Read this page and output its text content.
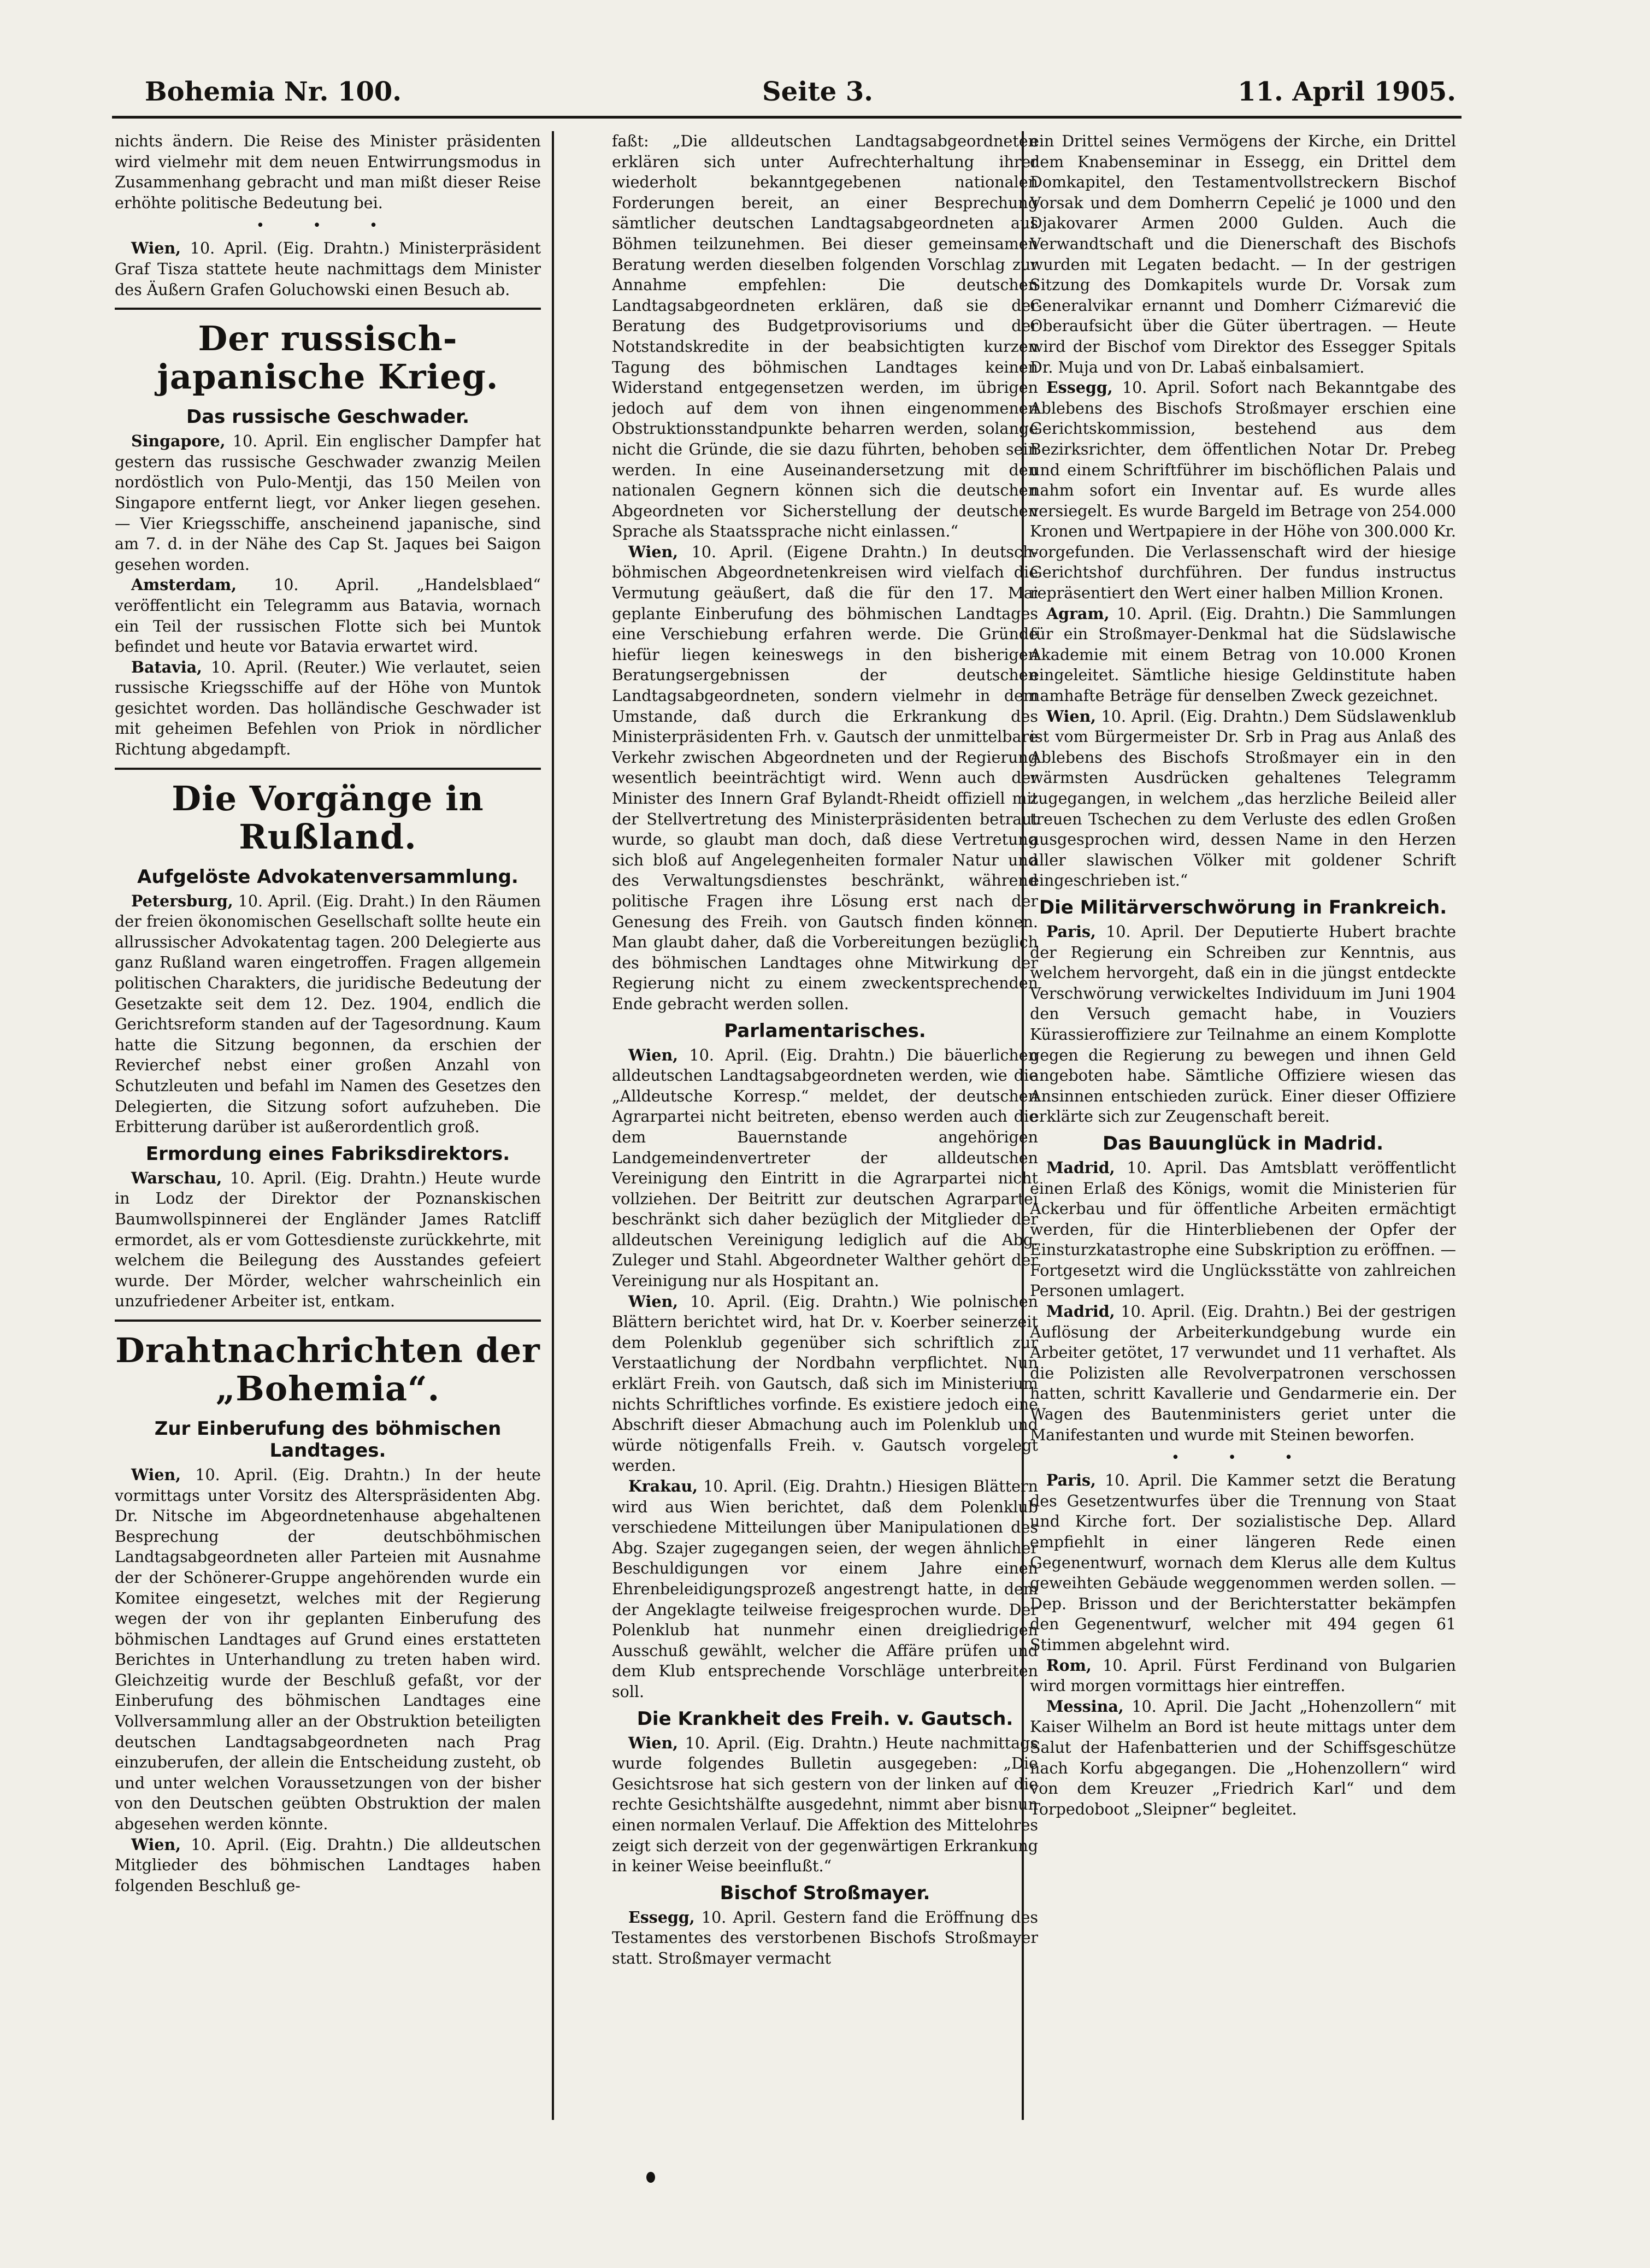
Bohemia Nr. 100.	Seite 3.	11. April 1905.

nichts ändern. Die Reise des Minister präsidenten wird vielmehr mit dem neuen Entwirrungsmodus in Zusammenhang gebracht und man mißt dieser Reise erhöhte politische Bedeutung bei.

• • •

Wien, 10. April. (Eig. Drahtn.) Ministerpräsident Graf Tisza stattete heute nachmittags dem Minister des Äußern Grafen Goluchowski einen Besuch ab.

Der russisch-japanische Krieg.
Das russische Geschwader.

Singapore, 10. April. Ein englischer Dampfer hat gestern das russische Geschwader zwanzig Meilen nordöstlich von Pulo-Mentji, das 150 Meilen von Singapore entfernt liegt, vor Anker liegen gesehen. — Vier Kriegsschiffe, anscheinend japanische, sind am 7. d. in der Nähe des Cap St. Jaques bei Saigon gesehen worden.

Amsterdam, 10. April. „Handelsblaed“ veröffentlicht ein Telegramm aus Batavia, wornach ein Teil der russischen Flotte sich bei Muntok befindet und heute vor Batavia erwartet wird.

Batavia, 10. April. (Reuter.) Wie verlautet, seien russische Kriegsschiffe auf der Höhe von Muntok gesichtet worden. Das holländische Geschwader ist mit geheimen Befehlen von Priok in nördlicher Richtung abgedampft.

Die Vorgänge in Rußland.
Aufgelöste Advokatenversammlung.

Petersburg, 10. April. (Eig. Draht.) In den Räumen der freien ökonomischen Gesellschaft sollte heute ein allrussischer Advokatentag tagen. 200 Delegierte aus ganz Rußland waren eingetroffen. Fragen allgemein politischen Charakters, die juridische Bedeutung der Gesetzakte seit dem 12. Dez. 1904, endlich die Gerichtsreform standen auf der Tagesordnung. Kaum hatte die Sitzung begonnen, da erschien der Revierchef nebst einer großen Anzahl von Schutzleuten und befahl im Namen des Gesetzes den Delegierten, die Sitzung sofort aufzuheben. Die Erbitterung darüber ist außerordentlich groß.

Ermordung eines Fabriksdirektors.

Warschau, 10. April. (Eig. Drahtn.) Heute wurde in Lodz der Direktor der Poznanskischen Baumwollspinnerei der Engländer James Ratcliff ermordet, als er vom Gottesdienste zurückkehrte, mit welchem die Beilegung des Ausstandes gefeiert wurde. Der Mörder, welcher wahrscheinlich ein unzufriedener Arbeiter ist, entkam.

Drahtnachrichten der „Bohemia“.
Zur Einberufung des böhmischen Landtages.

Wien, 10. April. (Eig. Drahtn.) In der heute vormittags unter Vorsitz des Alterspräsidenten Abg. Dr. Nitsche im Abgeordnetenhause abgehaltenen Besprechung der deutschböhmischen Landtagsabgeordneten aller Parteien mit Ausnahme der der Schönerer-Gruppe angehörenden wurde ein Komitee eingesetzt, welches mit der Regierung wegen der von ihr geplanten Einberufung des böhmischen Landtages auf Grund eines erstatteten Berichtes in Unterhandlung zu treten haben wird. Gleichzeitig wurde der Beschluß gefaßt, vor der Einberufung des böhmischen Landtages eine Vollversammlung aller an der Obstruktion beteiligten deutschen Landtagsabgeordneten nach Prag einzuberufen, der allein die Entscheidung zusteht, ob und unter welchen Voraussetzungen von der bisher von den Deutschen geübten Obstruktion der malen abgesehen werden könnte.

Wien, 10. April. (Eig. Drahtn.) Die alldeutschen Mitglieder des böhmischen Landtages haben folgenden Beschluß ge-

faßt: „Die alldeutschen Landtagsabgeordneten erklären sich unter Aufrechterhaltung ihrer wiederholt bekanntgegebenen nationalen Forderungen bereit, an einer Besprechung sämtlicher deutschen Landtagsabgeordneten aus Böhmen teilzunehmen. Bei dieser gemeinsamen Beratung werden dieselben folgenden Vorschlag zur Annahme empfehlen: Die deutschen Landtagsabgeordneten erklären, daß sie der Beratung des Budgetprovisoriums und der Notstandskredite in der beabsichtigten kurzen Tagung des böhmischen Landtages keinen Widerstand entgegensetzen werden, im übrigen jedoch auf dem von ihnen eingenommenen Obstruktionsstandpunkte beharren werden, solange nicht die Gründe, die sie dazu führten, behoben sein werden. In eine Auseinandersetzung mit den nationalen Gegnern können sich die deutschen Abgeordneten vor Sicherstellung der deutschen Sprache als Staatssprache nicht einlassen.“

Wien, 10. April. (Eigene Drahtn.) In deutsch-böhmischen Abgeordnetenkreisen wird vielfach die Vermutung geäußert, daß die für den 17. Mai geplante Einberufung des böhmischen Landtages eine Verschiebung erfahren werde. Die Gründe hiefür liegen keineswegs in den bisherigen Beratungsergebnissen der deutschen Landtagsabgeordneten, sondern vielmehr in dem Umstande, daß durch die Erkrankung des Ministerpräsidenten Frh. v. Gautsch der unmittelbare Verkehr zwischen Abgeordneten und der Regierung wesentlich beeinträchtigt wird. Wenn auch der Minister des Innern Graf Bylandt-Rheidt offiziell mit der Stellvertretung des Ministerpräsidenten betraut wurde, so glaubt man doch, daß diese Vertretung sich bloß auf Angelegenheiten formaler Natur und des Verwaltungsdienstes beschränkt, während politische Fragen ihre Lösung erst nach der Genesung des Freih. von Gautsch finden können. Man glaubt daher, daß die Vorbereitungen bezüglich des böhmischen Landtages ohne Mitwirkung der Regierung nicht zu einem zweckentsprechenden Ende gebracht werden sollen.

Parlamentarisches.

Wien, 10. April. (Eig. Drahtn.) Die bäuerlichen alldeutschen Landtagsabgeordneten werden, wie die „Alldeutsche Korresp.“ meldet, der deutschen Agrarpartei nicht beitreten, ebenso werden auch die dem Bauernstande angehörigen Landgemeindenvertreter der alldeutschen Vereinigung den Eintritt in die Agrarpartei nicht vollziehen. Der Beitritt zur deutschen Agrarpartei beschränkt sich daher bezüglich der Mitglieder der alldeutschen Vereinigung lediglich auf die Abg. Zuleger und Stahl. Abgeordneter Walther gehört der Vereinigung nur als Hospitant an.

Wien, 10. April. (Eig. Drahtn.) Wie polnischen Blättern berichtet wird, hat Dr. v. Koerber seinerzeit dem Polenklub gegenüber sich schriftlich zur Verstaatlichung der Nordbahn verpflichtet. Nun erklärt Freih. von Gautsch, daß sich im Ministerium nichts Schriftliches vorfinde. Es existiere jedoch eine Abschrift dieser Abmachung auch im Polenklub und würde nötigenfalls Freih. v. Gautsch vorgelegt werden.

Krakau, 10. April. (Eig. Drahtn.) Hiesigen Blättern wird aus Wien berichtet, daß dem Polenklub verschiedene Mitteilungen über Manipulationen des Abg. Szajer zugegangen seien, der wegen ähnlicher Beschuldigungen vor einem Jahre einen Ehrenbeleidigungsprozeß angestrengt hatte, in dem der Angeklagte teilweise freigesprochen wurde. Der Polenklub hat nunmehr einen dreigliedrigen Ausschuß gewählt, welcher die Affäre prüfen und dem Klub entsprechende Vorschläge unterbreiten soll.

Die Krankheit des Freih. v. Gautsch.

Wien, 10. April. (Eig. Drahtn.) Heute nachmittags wurde folgendes Bulletin ausgegeben: „Die Gesichtsrose hat sich gestern von der linken auf die rechte Gesichtshälfte ausgedehnt, nimmt aber bisnun einen normalen Verlauf. Die Affektion des Mittelohres zeigt sich derzeit von der gegenwärtigen Erkrankung in keiner Weise beeinflußt.“

Bischof Stroßmayer.

Essegg, 10. April. Gestern fand die Eröffnung des Testamentes des verstorbenen Bischofs Stroßmayer statt. Stroßmayer vermacht

ein Drittel seines Vermögens der Kirche, ein Drittel dem Knabenseminar in Essegg, ein Drittel dem Domkapitel, den Testamentvollstreckern Bischof Vorsak und dem Domherrn Cepelić je 1000 und den Djakovarer Armen 2000 Gulden. Auch die Verwandtschaft und die Dienerschaft des Bischofs wurden mit Legaten bedacht. — In der gestrigen Sitzung des Domkapitels wurde Dr. Vorsak zum Generalvikar ernannt und Domherr Ciźmarević die Oberaufsicht über die Güter übertragen. — Heute wird der Bischof vom Direktor des Essegger Spitals Dr. Muja und von Dr. Labaš einbalsamiert.

Essegg, 10. April. Sofort nach Bekanntgabe des Ablebens des Bischofs Stroßmayer erschien eine Gerichtskommission, bestehend aus dem Bezirksrichter, dem öffentlichen Notar Dr. Prebeg und einem Schriftführer im bischöflichen Palais und nahm sofort ein Inventar auf. Es wurde alles versiegelt. Es wurde Bargeld im Betrage von 254.000 Kronen und Wertpapiere in der Höhe von 300.000 Kr. vorgefunden. Die Verlassenschaft wird der hiesige Gerichtshof durchführen. Der fundus instructus repräsentiert den Wert einer halben Million Kronen.

Agram, 10. April. (Eig. Drahtn.) Die Sammlungen für ein Stroßmayer-Denkmal hat die Südslawische Akademie mit einem Betrag von 10.000 Kronen eingeleitet. Sämtliche hiesige Geldinstitute haben namhafte Beträge für denselben Zweck gezeichnet.

Wien, 10. April. (Eig. Drahtn.) Dem Südslawenklub ist vom Bürgermeister Dr. Srb in Prag aus Anlaß des Ablebens des Bischofs Stroßmayer ein in den wärmsten Ausdrücken gehaltenes Telegramm zugegangen, in welchem „das herzliche Beileid aller treuen Tschechen zu dem Verluste des edlen Großen ausgesprochen wird, dessen Name in den Herzen aller slawischen Völker mit goldener Schrift eingeschrieben ist.“

Die Militärverschwörung in Frankreich.

Paris, 10. April. Der Deputierte Hubert brachte der Regierung ein Schreiben zur Kenntnis, aus welchem hervorgeht, daß ein in die jüngst entdeckte Verschwörung verwickeltes Individuum im Juni 1904 den Versuch gemacht habe, in Vouziers Kürassieroffiziere zur Teilnahme an einem Komplotte gegen die Regierung zu bewegen und ihnen Geld angeboten habe. Sämtliche Offiziere wiesen das Ansinnen entschieden zurück. Einer dieser Offiziere erklärte sich zur Zeugenschaft bereit.

Das Bauunglück in Madrid.

Madrid, 10. April. Das Amtsblatt veröffentlicht einen Erlaß des Königs, womit die Ministerien für Ackerbau und für öffentliche Arbeiten ermächtigt werden, für die Hinterbliebenen der Opfer der Einsturzkatastrophe eine Subskription zu eröffnen. — Fortgesetzt wird die Unglücksstätte von zahlreichen Personen umlagert.

Madrid, 10. April. (Eig. Drahtn.) Bei der gestrigen Auflösung der Arbeiterkundgebung wurde ein Arbeiter getötet, 17 verwundet und 11 verhaftet. Als die Polizisten alle Revolverpatronen verschossen hatten, schritt Kavallerie und Gendarmerie ein. Der Wagen des Bautenministers geriet unter die Manifestanten und wurde mit Steinen beworfen.

• • •

Paris, 10. April. Die Kammer setzt die Beratung des Gesetzentwurfes über die Trennung von Staat und Kirche fort. Der sozialistische Dep. Allard empfiehlt in einer längeren Rede einen Gegenentwurf, wornach dem Klerus alle dem Kultus geweihten Gebäude weggenommen werden sollen. — Dep. Brisson und der Berichterstatter bekämpfen den Gegenentwurf, welcher mit 494 gegen 61 Stimmen abgelehnt wird.

Rom, 10. April. Fürst Ferdinand von Bulgarien wird morgen vormittags hier eintreffen.

Messina, 10. April. Die Jacht „Hohenzollern“ mit Kaiser Wilhelm an Bord ist heute mittags unter dem Salut der Hafenbatterien und der Schiffsgeschütze nach Korfu abgegangen. Die „Hohenzollern“ wird von dem Kreuzer „Friedrich Karl“ und dem Torpedoboot „Sleipner“ begleitet.
